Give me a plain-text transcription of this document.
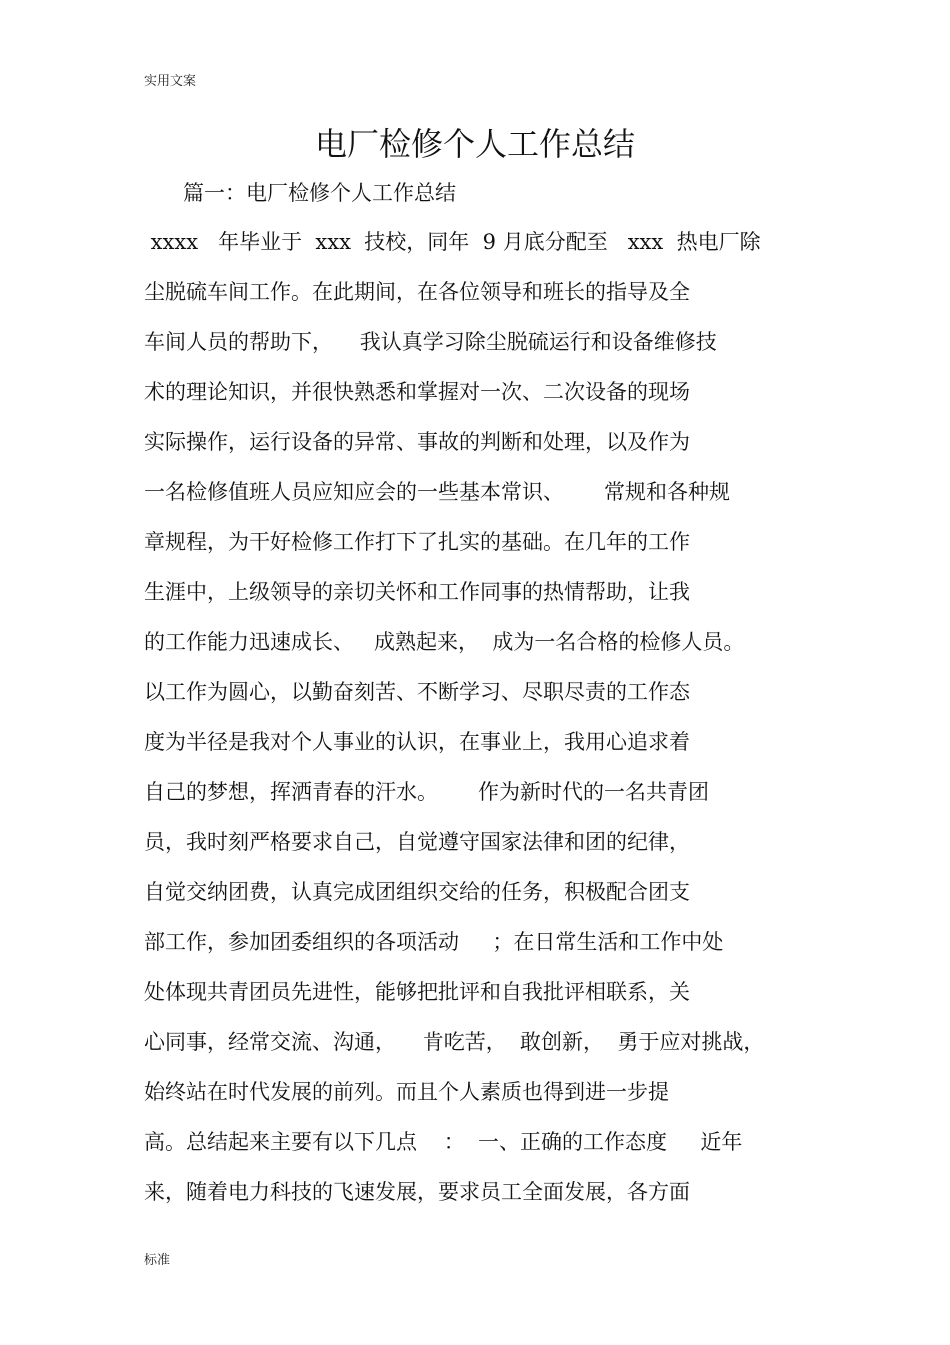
实用文案
电厂检修个人工作总结
篇一：电厂检修个人工作总结
xxxx   年毕业于  xxx  技校，同年  9 月底分配至   xxx  热电厂除
尘脱硫车间工作。在此期间，在各位领导和班长的指导及全
车间人员的帮助下，    我认真学习除尘脱硫运行和设备维修技
术的理论知识，并很快熟悉和掌握对一次、二次设备的现场
实际操作，运行设备的异常、事故的判断和处理，以及作为
一名检修值班人员应知应会的一些基本常识、      常规和各种规
章规程，为干好检修工作打下了扎实的基础。在几年的工作
生涯中，上级领导的亲切关怀和工作同事的热情帮助，让我
的工作能力迅速成长、   成熟起来，  成为一名合格的检修人员。
以工作为圆心，以勤奋刻苦、不断学习、尽职尽责的工作态
度为半径是我对个人事业的认识，在事业上，我用心追求着
自己的梦想，挥洒青春的汗水。      作为新时代的一名共青团
员，我时刻严格要求自己，自觉遵守国家法律和团的纪律，
自觉交纳团费，认真完成团组织交给的任务，积极配合团支
部工作，参加团委组织的各项活动     ；在日常生活和工作中处
处体现共青团员先进性，能够把批评和自我批评相联系，关
心同事，经常交流、沟通，    肯吃苦，  敢创新，  勇于应对挑战，
始终站在时代发展的前列。而且个人素质也得到进一步提
高。总结起来主要有以下几点    ：  一、正确的工作态度     近年
来，随着电力科技的飞速发展，要求员工全面发展，各方面
标准
